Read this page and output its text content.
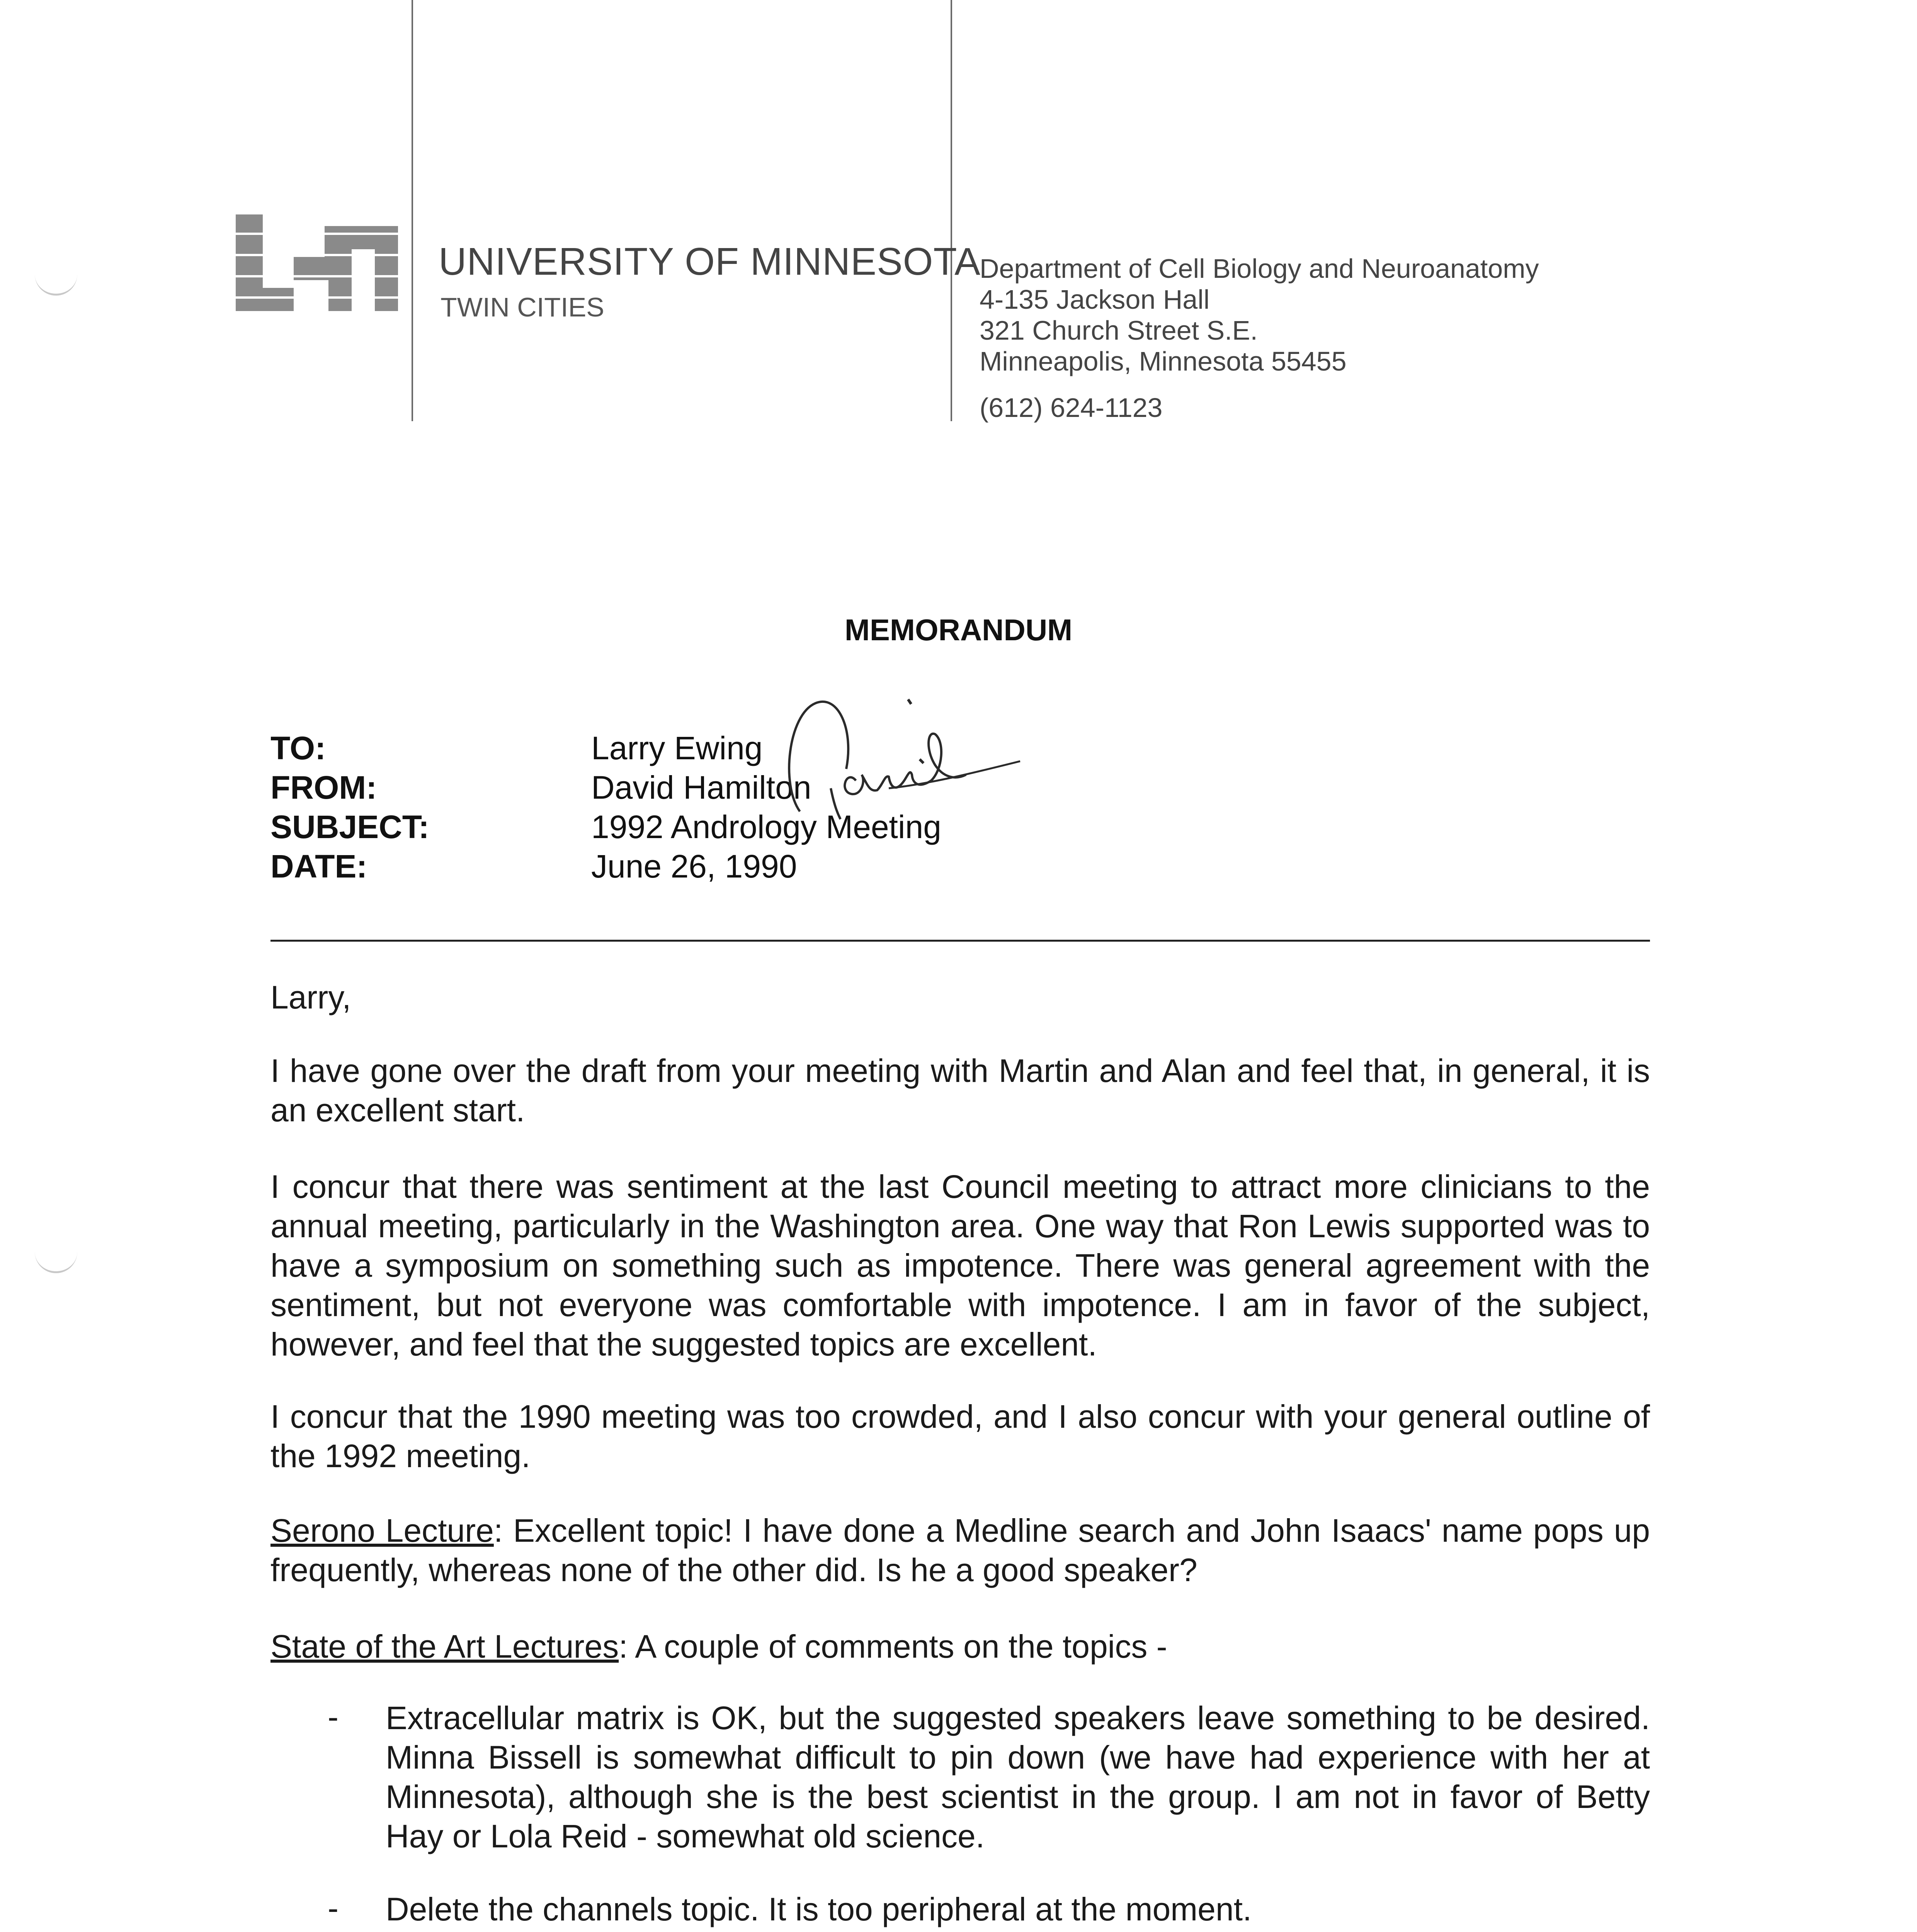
UNIVERSITY OF MINNESOTA
TWIN CITIES
Department of Cell Biology and Neuroanatomy
4-135 Jackson Hall
321 Church Street S.E.
Minneapolis, Minnesota 55455
(612) 624-1123
MEMORANDUM
TO:
FROM:
SUBJECT:
DATE:
Larry Ewing
David Hamilton
1992 Andrology Meeting
June 26, 1990
Larry,
I have gone over the draft from your meeting with Martin and Alan and feel that, in general, it is an excellent start.
I concur that there was sentiment at the last Council meeting to attract more clinicians to the annual meeting, particularly in the Washington area. One way that Ron Lewis supported was to have a symposium on something such as impotence. There was general agreement with the sentiment, but not everyone was comfortable with impotence. I am in favor of the subject, however, and feel that the suggested topics are excellent.
I concur that the 1990 meeting was too crowded, and I also concur with your general outline of the 1992 meeting.
Serono Lecture: Excellent topic! I have done a Medline search and John Isaacs' name pops up frequently, whereas none of the other did. Is he a good speaker?
State of the Art Lectures: A couple of comments on the topics -
- Extracellular matrix is OK, but the suggested speakers leave something to be desired. Minna Bissell is somewhat difficult to pin down (we have had experience with her at Minnesota), although she is the best scientist in the group. I am not in favor of Betty Hay or Lola Reid - somewhat old science.
- Delete the channels topic. It is too peripheral at the moment.
